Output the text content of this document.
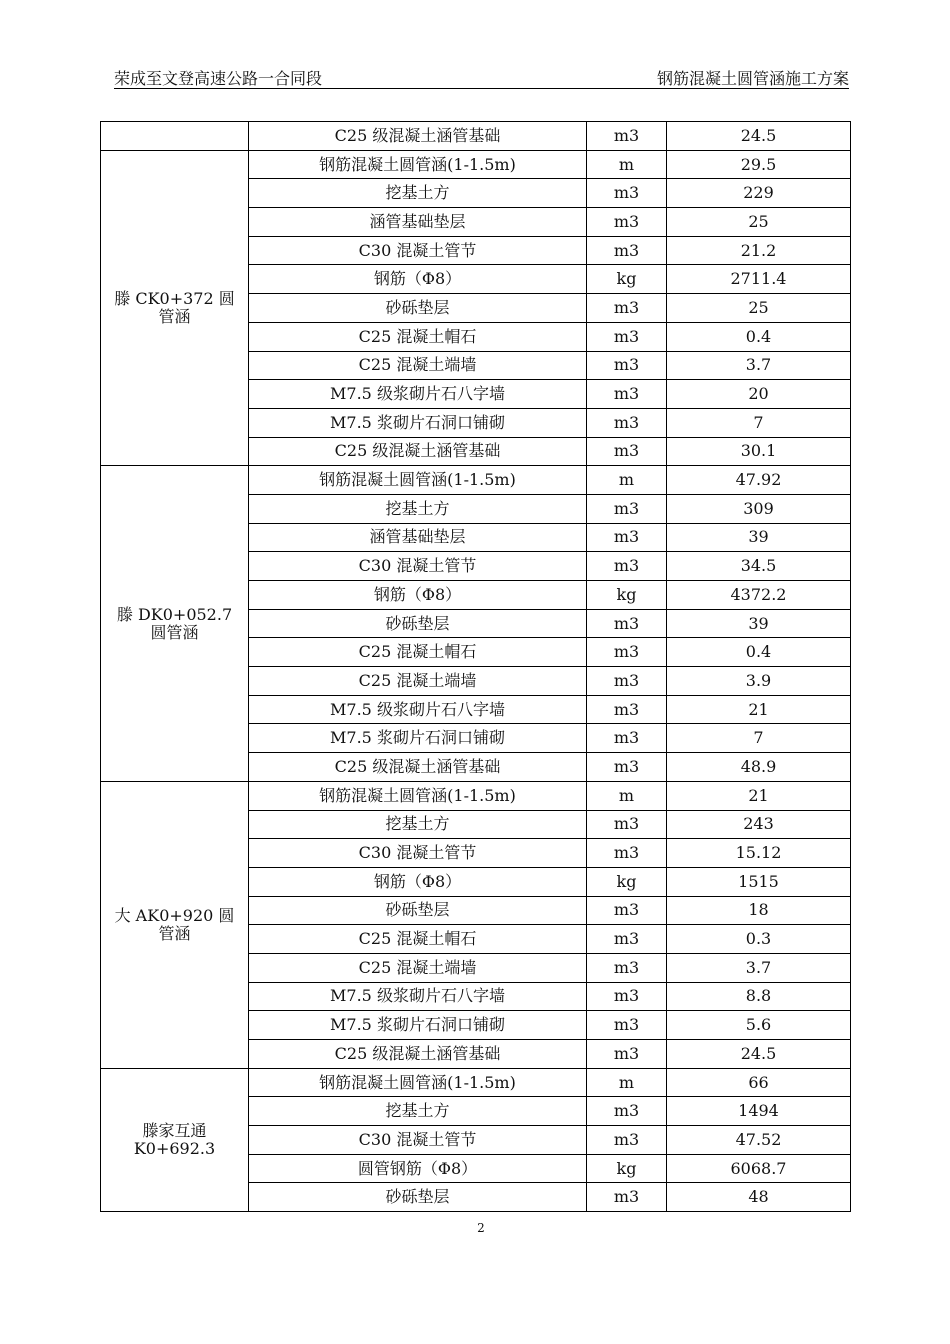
荣成至文登高速公路一合同段	钢筋混凝土圆管涵施工方案
	C25 级混凝土涵管基础	m3	24.5
滕 CK0+372 圆管涵	钢筋混凝土圆管涵(1-1.5m)	m	29.5
	挖基土方	m3	229
	涵管基础垫层	m3	25
	C30 混凝土管节	m3	21.2
	钢筋（Φ8）	kg	2711.4
	砂砾垫层	m3	25
	C25 混凝土帽石	m3	0.4
	C25 混凝土端墙	m3	3.7
	M7.5 级浆砌片石八字墙	m3	20
	M7.5 浆砌片石洞口铺砌	m3	7
	C25 级混凝土涵管基础	m3	30.1
滕 DK0+052.7 圆管涵	钢筋混凝土圆管涵(1-1.5m)	m	47.92
	挖基土方	m3	309
	涵管基础垫层	m3	39
	C30 混凝土管节	m3	34.5
	钢筋（Φ8）	kg	4372.2
	砂砾垫层	m3	39
	C25 混凝土帽石	m3	0.4
	C25 混凝土端墙	m3	3.9
	M7.5 级浆砌片石八字墙	m3	21
	M7.5 浆砌片石洞口铺砌	m3	7
	C25 级混凝土涵管基础	m3	48.9
大 AK0+920 圆管涵	钢筋混凝土圆管涵(1-1.5m)	m	21
	挖基土方	m3	243
	C30 混凝土管节	m3	15.12
	钢筋（Φ8）	kg	1515
	砂砾垫层	m3	18
	C25 混凝土帽石	m3	0.3
	C25 混凝土端墙	m3	3.7
	M7.5 级浆砌片石八字墙	m3	8.8
	M7.5 浆砌片石洞口铺砌	m3	5.6
	C25 级混凝土涵管基础	m3	24.5
滕家互通 K0+692.3	钢筋混凝土圆管涵(1-1.5m)	m	66
	挖基土方	m3	1494
	C30 混凝土管节	m3	47.52
	圆管钢筋（Φ8）	kg	6068.7
	砂砾垫层	m3	48
2
